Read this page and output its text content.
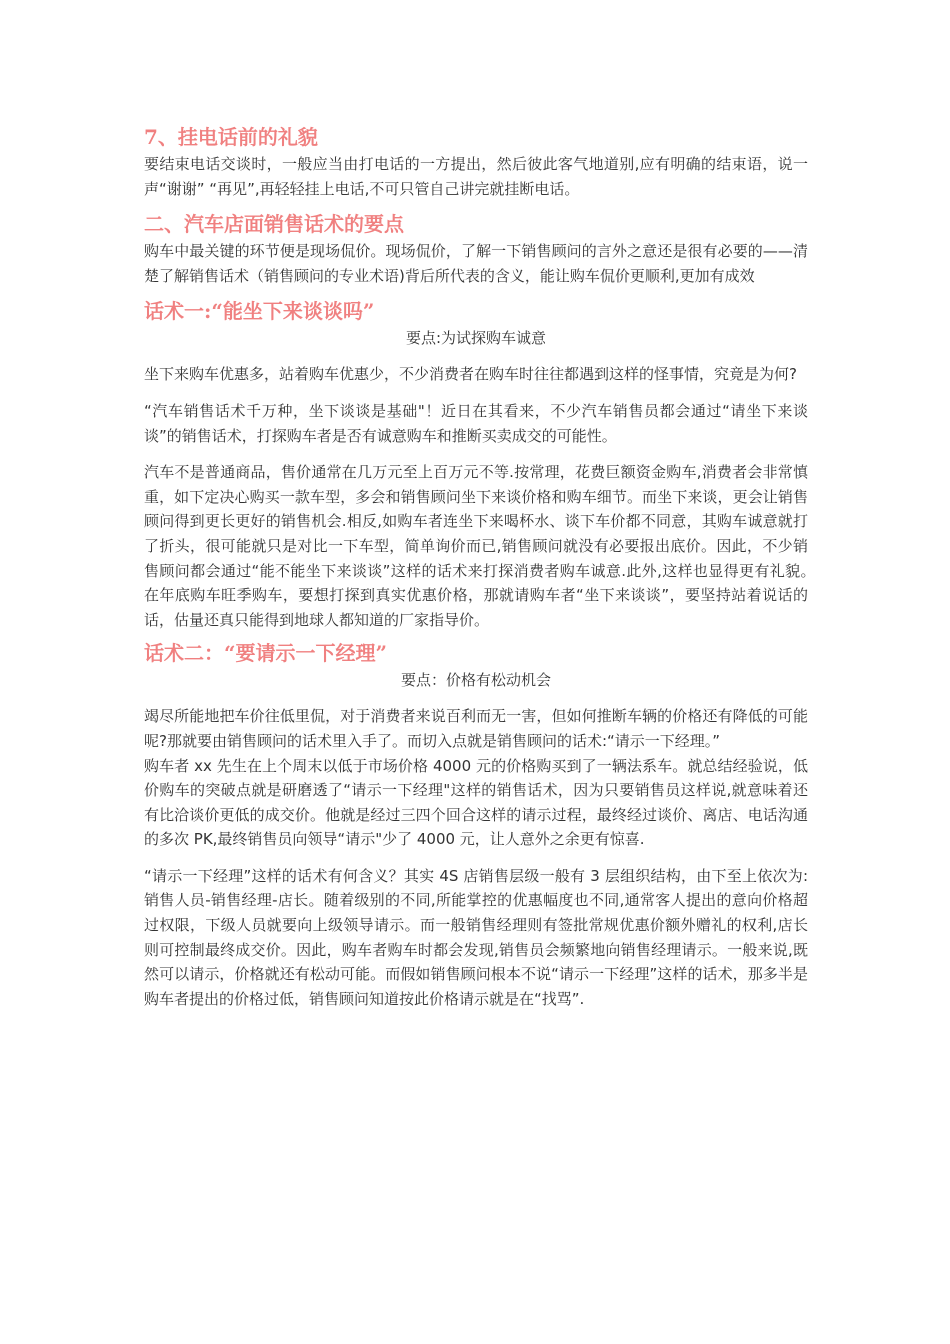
7、挂电话前的礼貌

要结束电话交谈时，一般应当由打电话的一方提出，然后彼此客气地道别,应有明确的结束语，说一声“谢谢” “再见”,再轻轻挂上电话,不可只管自己讲完就挂断电话。

二、汽车店面销售话术的要点

购车中最关键的环节便是现场侃价。现场侃价，了解一下销售顾问的言外之意还是很有必要的——清楚了解销售话术（销售顾问的专业术语)背后所代表的含义，能让购车侃价更顺利,更加有成效

话术一:“能坐下来谈谈吗”

要点:为试探购车诚意

坐下来购车优惠多，站着购车优惠少，不少消费者在购车时往往都遇到这样的怪事情，究竟是为何?

“汽车销售话术千万种，坐下谈谈是基础"！近日在其看来，不少汽车销售员都会通过“请坐下来谈谈”的销售话术，打探购车者是否有诚意购车和推断买卖成交的可能性。

汽车不是普通商品，售价通常在几万元至上百万元不等.按常理，花费巨额资金购车,消费者会非常慎重，如下定决心购买一款车型，多会和销售顾问坐下来谈价格和购车细节。而坐下来谈，更会让销售顾问得到更长更好的销售机会.相反,如购车者连坐下来喝杯水、谈下车价都不同意，其购车诚意就打了折头，很可能就只是对比一下车型，简单询价而已,销售顾问就没有必要报出底价。因此，不少销售顾问都会通过“能不能坐下来谈谈”这样的话术来打探消费者购车诚意.此外,这样也显得更有礼貌。　在年底购车旺季购车，要想打探到真实优惠价格，那就请购车者“坐下来谈谈”，要坚持站着说话的话，估量还真只能得到地球人都知道的厂家指导价。

话术二：“要请示一下经理”

要点：价格有松动机会

竭尽所能地把车价往低里侃，对于消费者来说百利而无一害，但如何推断车辆的价格还有降低的可能呢?那就要由销售顾问的话术里入手了。而切入点就是销售顾问的话术:“请示一下经理。”

购车者 xx 先生在上个周末以低于市场价格 4000 元的价格购买到了一辆法系车。就总结经验说，低价购车的突破点就是研磨透了“请示一下经理"这样的销售话术，因为只要销售员这样说,就意味着还有比洽谈价更低的成交价。他就是经过三四个回合这样的请示过程，最终经过谈价、离店、电话沟通的多次 PK,最终销售员向领导“请示"少了 4000 元，让人意外之余更有惊喜.

“请示一下经理”这样的话术有何含义？其实 4S 店销售层级一般有 3 层组织结构，由下至上依次为:销售人员-销售经理-店长。随着级别的不同,所能掌控的优惠幅度也不同,通常客人提出的意向价格超过权限，下级人员就要向上级领导请示。而一般销售经理则有签批常规优惠价额外赠礼的权利,店长则可控制最终成交价。因此，购车者购车时都会发现,销售员会频繁地向销售经理请示。一般来说,既然可以请示，价格就还有松动可能。而假如销售顾问根本不说“请示一下经理”这样的话术，那多半是购车者提出的价格过低，销售顾问知道按此价格请示就是在“找骂”.
